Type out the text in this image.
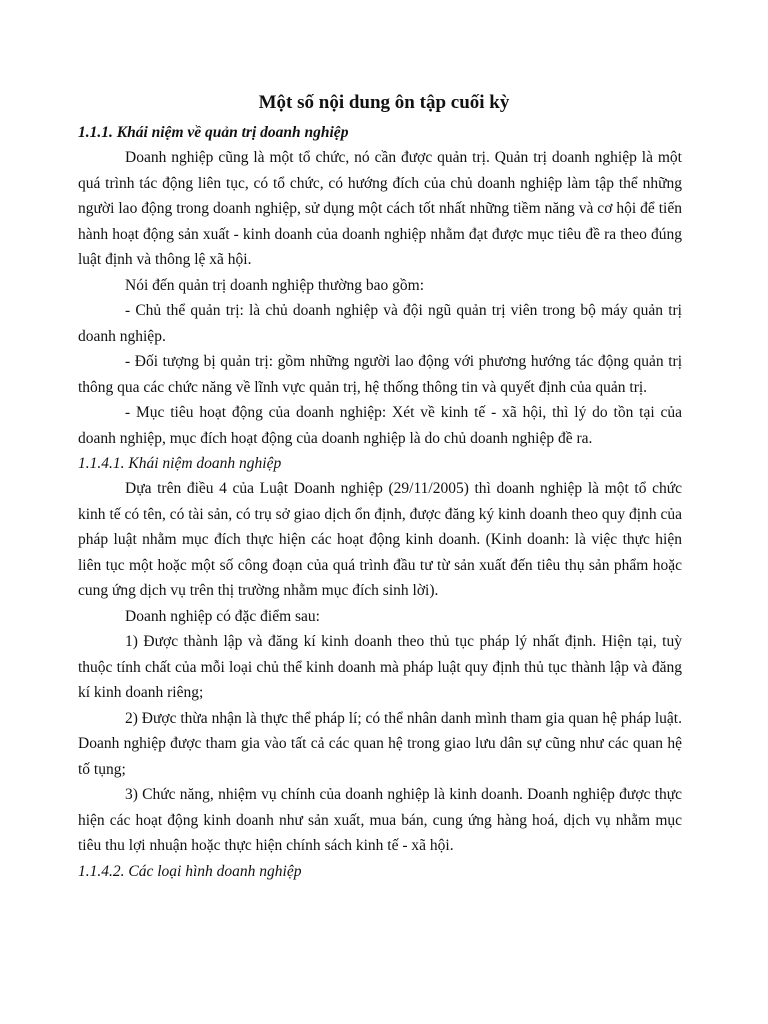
Một số nội dung ôn tập cuối kỳ

1.1.1. Khái niệm về quản trị doanh nghiệp

Doanh nghiệp cũng là một tổ chức, nó cần được quản trị. Quản trị doanh nghiệp là một quá trình tác động liên tục, có tổ chức, có hướng đích của chủ doanh nghiệp làm tập thể những người lao động trong doanh nghiệp, sử dụng một cách tốt nhất những tiềm năng và cơ hội để tiến hành hoạt động sản xuất - kinh doanh của doanh nghiệp nhằm đạt được mục tiêu đề ra theo đúng luật định và thông lệ xã hội.

Nói đến quản trị doanh nghiệp thường bao gồm:

- Chủ thể quản trị: là chủ doanh nghiệp và đội ngũ quản trị viên trong bộ máy quản trị doanh nghiệp.

- Đối tượng bị quản trị: gồm những người lao động với phương hướng tác động quản trị thông qua các chức năng về lĩnh vực quản trị, hệ thống thông tin và quyết định của quản trị.

- Mục tiêu hoạt động của doanh nghiệp: Xét về kinh tế - xã hội, thì lý do tồn tại của doanh nghiệp, mục đích hoạt động của doanh nghiệp là do chủ doanh nghiệp đề ra.

1.1.4.1. Khái niệm doanh nghiệp

Dựa trên điều 4 của Luật Doanh nghiệp (29/11/2005) thì doanh nghiệp là một tổ chức kinh tế có tên, có tài sản, có trụ sở giao dịch ổn định, được đăng ký kinh doanh theo quy định của pháp luật nhằm mục đích thực hiện các hoạt động kinh doanh. (Kinh doanh: là việc thực hiện liên tục một hoặc một số công đoạn của quá trình đầu tư từ sản xuất đến tiêu thụ sản phẩm hoặc cung ứng dịch vụ trên thị trường nhằm mục đích sinh lời).

Doanh nghiệp có đặc điểm sau:

1) Được thành lập và đăng kí kinh doanh theo thủ tục pháp lý nhất định. Hiện tại, tuỳ thuộc tính chất của mỗi loại chủ thể kinh doanh mà pháp luật quy định thủ tục thành lập và đăng kí kinh doanh riêng;

2) Được thừa nhận là thực thể pháp lí; có thể nhân danh mình tham gia quan hệ pháp luật. Doanh nghiệp được tham gia vào tất cả các quan hệ trong giao lưu dân sự cũng như các quan hệ tố tụng;

3) Chức năng, nhiệm vụ chính của doanh nghiệp là kinh doanh. Doanh nghiệp được thực hiện các hoạt động kinh doanh như sản xuất, mua bán, cung ứng hàng hoá, dịch vụ nhằm mục tiêu thu lợi nhuận hoặc thực hiện chính sách kinh tế - xã hội.

1.1.4.2. Các loại hình doanh nghiệp
